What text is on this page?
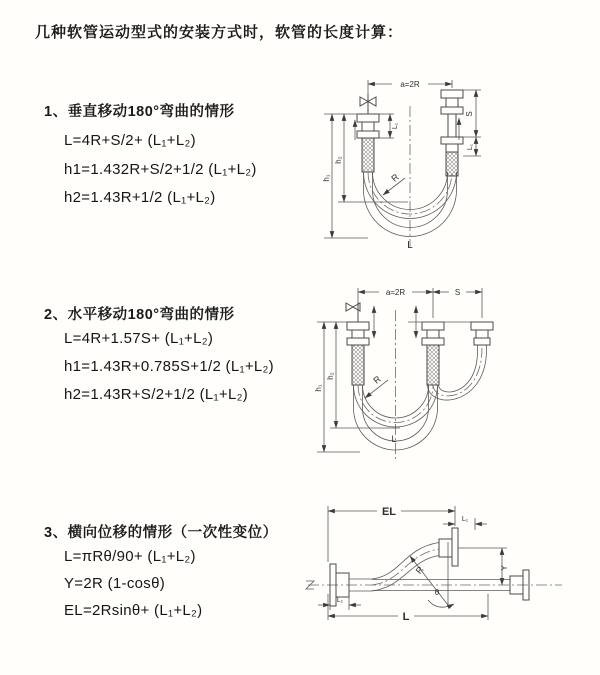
几种软管运动型式的安装方式时，软管的长度计算：
1、垂直移动180°弯曲的情形
L=4R+S/2+ (L₁+L₂)
h1=1.432R+S/2+1/2 (L₁+L₂)
h2=1.43R+1/2 (L₁+L₂)
2、水平移动180°弯曲的情形
L=4R+1.57S+ (L₁+L₂)
h1=1.43R+0.785S+1/2 (L₁+L₂)
h2=1.43R+S/2+1/2 (L₁+L₂)
3、横向位移的情形（一次性变位）
L=πRθ/90+ (L₁+L₂)
Y=2R (1-cosθ)
EL=2Rsinθ+ (L₁+L₂)
a=2R
R
h₁
h₂
L₁
S
L₁
L
a=2R	S
R
h₁
h₂
L
EL
L₁
Y
R
θ
L
L₁
